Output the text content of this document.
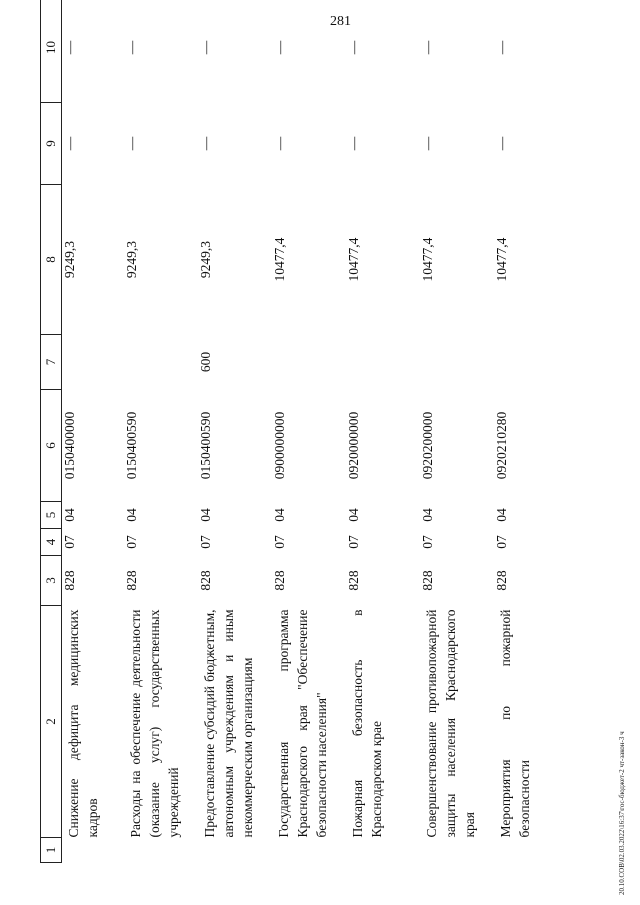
281
20.10.СОВ\02.03.2022\16:37\гос-бюджет-2 чт-закон-3 ч
1	2	3	4	5	6	7	8	9	10
	Снижение дефицита медицинских кадров	828	07	04	0150400000		9249,3	—	—
	Расходы на обеспечение деятельности (оказание услуг) государственных учреждений	828	07	04	0150400590		9249,3	—	—
	Предоставление субсидий бюджетным, автономным учреждениям и иным некоммерческим организациям	828	07	04	0150400590	600	9249,3	—	—
	Государственная программа Краснодарского края "Обеспечение безопасности населения"	828	07	04	0900000000		10477,4	—	—
	Пожарная безопасность в Краснодарском крае	828	07	04	0920000000		10477,4	—	—
	Совершенствование противопожарной защиты населения Краснодарского края	828	07	04	0920200000		10477,4	—	—
	Мероприятия по пожарной безопасности	828	07	04	0920210280		10477,4	—	—
